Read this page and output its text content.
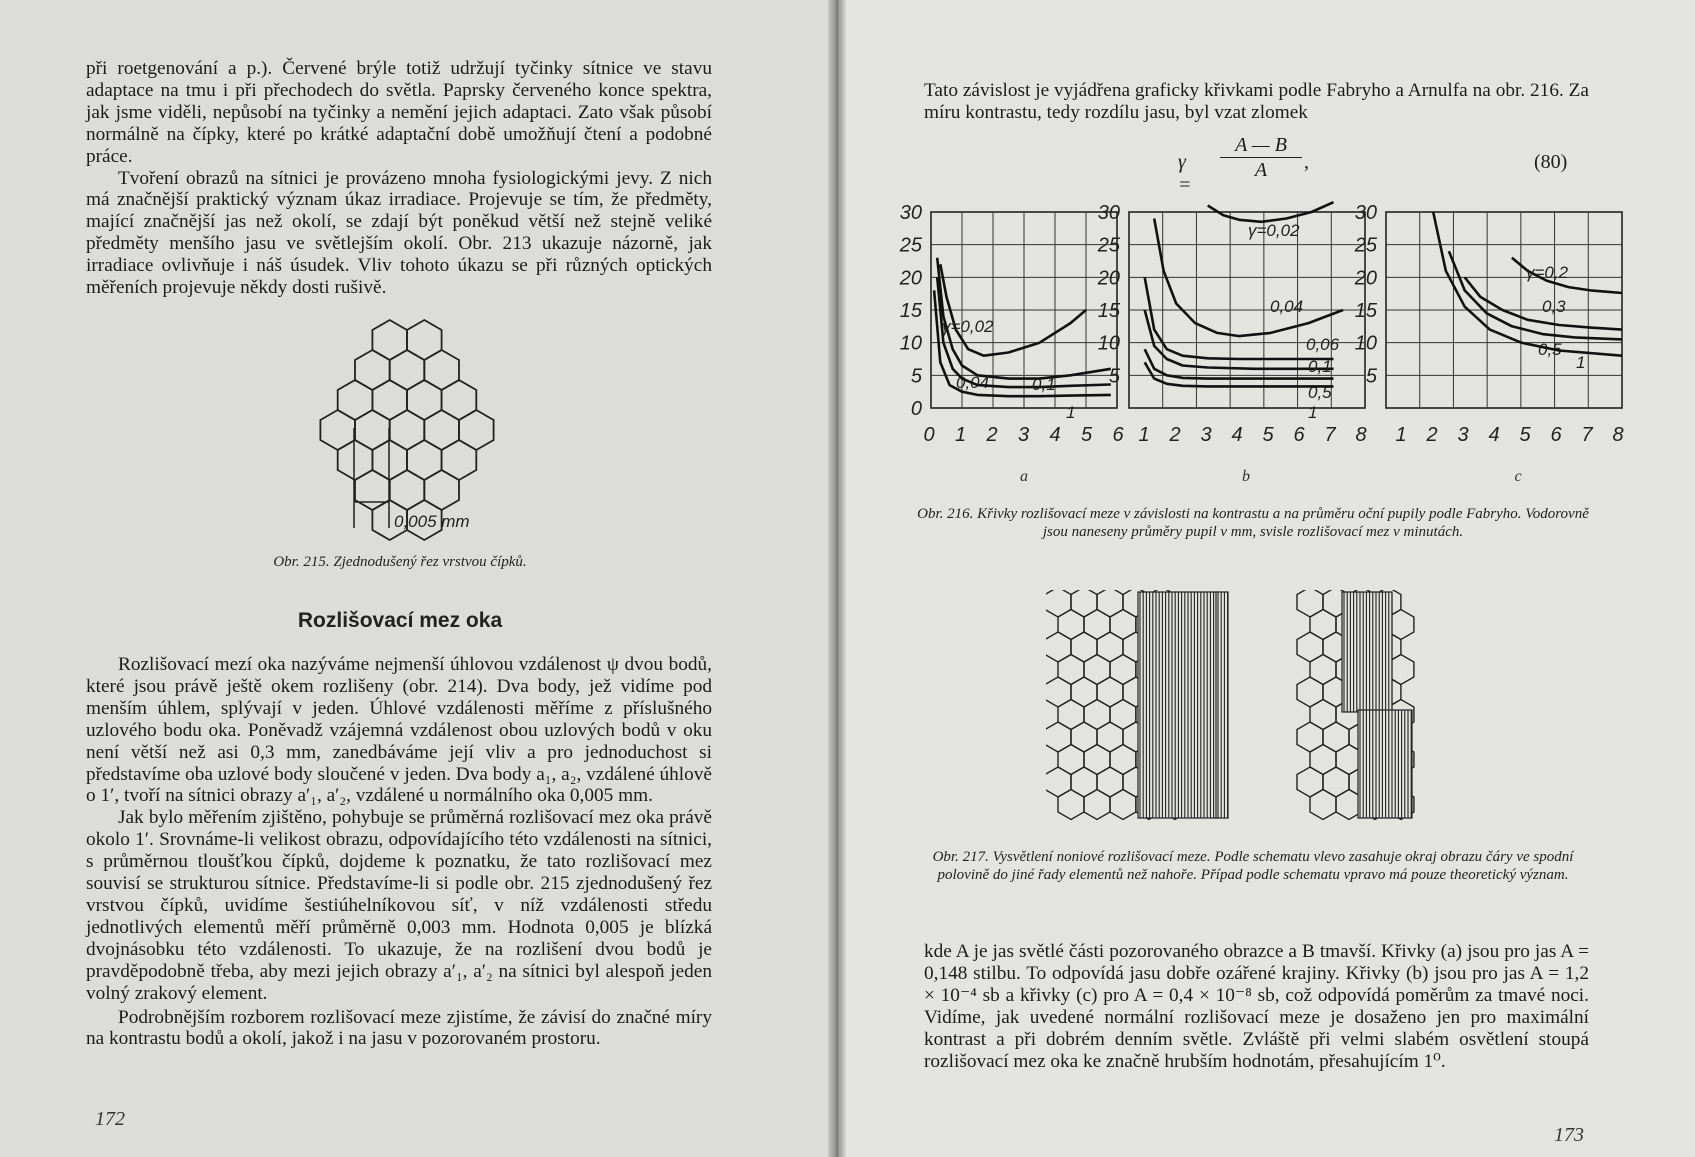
při roetgenování a p.). Červené brýle totiž udržují tyčinky sítnice ve stavu adaptace na tmu i při přechodech do světla. Paprsky červeného konce spektra, jak jsme viděli, nepůsobí na tyčinky a nemění jejich adaptaci. Zato však působí normálně na čípky, které po krátké adaptační době umožňují čtení a podobné práce.

Tvoření obrazů na sítnici je provázeno mnoha fysiologickými jevy. Z nich má značnější praktický význam úkaz irradiace. Projevuje se tím, že předměty, mající značnější jas než okolí, se zdají být poněkud větší než stejně veliké předměty menšího jasu ve světlejším okolí. Obr. 213 ukazuje názorně, jak irradiace ovlivňuje i náš úsudek. Vliv tohoto úkazu se při různých optických měřeních projevuje někdy dosti rušivě.

0,005 mm
Obr. 215. Zjednodušený řez vrstvou čípků.
Rozlišovací mez oka

Rozlišovací mezí oka nazýváme nejmenší úhlovou vzdálenost ψ dvou bodů, které jsou právě ještě okem rozlišeny (obr. 214). Dva body, jež vidíme pod menším úhlem, splývají v jeden. Úhlové vzdálenosti měříme z příslušného uzlového bodu oka. Poněvadž vzájemná vzdálenost obou uzlových bodů v oku není větší než asi 0,3 mm, zanedbáváme její vliv a pro jednoduchost si představíme oba uzlové body sloučené v jeden. Dva body a₁, a₂, vzdálené úhlově o 1′, tvoří na sítnici obrazy a′₁, a′₂, vzdálené u normálního oka 0,005 mm.

Jak bylo měřením zjištěno, pohybuje se průměrná rozlišovací mez oka právě okolo 1′. Srovnáme-li velikost obrazu, odpovídajícího této vzdálenosti na sítnici, s průměrnou tloušťkou čípků, dojdeme k poznatku, že tato rozlišovací mez souvisí se strukturou sítnice. Představíme-li si podle obr. 215 zjednodušený řez vrstvou čípků, uvidíme šestiúhelníkovou síť, v níž vzdálenosti středu jednotlivých elementů měří průměrně 0,003 mm. Hodnota 0,005 je blízká dvojnásobku této vzdálenosti. To ukazuje, že na rozlišení dvou bodů je pravděpodobně třeba, aby mezi jejich obrazy a′₁, a′₂ na sítnici byl alespoň jeden volný zrakový element.

Podrobnějším rozborem rozlišovací meze zjistíme, že závisí do značné míry na kontrastu bodů a okolí, jakož i na jasu v pozorovaném prostoru.

172
Tato závislost je vyjádřena graficky křivkami podle Fabryho a Arnulfa na obr. 216. Za míru kontrastu, tedy rozdílu jasu, byl vzat zlomek
γ =
A — B
A	,	(80)
0
5
10
15
20
25
30
0 1 2 3 4 5 6
γ=0,02
0,04	0,1
1
a
5
10
15
20
25
30
1 2 3 4 5 6 7 8
γ=0,02
0,04
0,06
0,1
0,5
1
b
5
10
15
20
25
30
1 2 3 4 5 6 7 8
γ=0,2
0,3
0,5
1
c
Obr. 216. Křivky rozlišovací meze v závislosti na kontrastu a na průměru oční pupily podle Fabryho. Vodorovně jsou naneseny průměry pupil v mm, svisle rozlišovací mez v minutách.
Obr. 217. Vysvětlení noniové rozlišovací meze. Podle schematu vlevo zasahuje okraj obrazu čáry ve spodní polovině do jiné řady elementů než nahoře. Případ podle schematu vpravo má pouze theoretický význam.
kde A je jas světlé části pozorovaného obrazce a B tmavší. Křivky (a) jsou pro jas A = 0,148 stilbu. To odpovídá jasu dobře ozářené krajiny. Křivky (b) jsou pro jas A = 1,2 × 10⁻⁴ sb a křivky (c) pro A = 0,4 × 10⁻⁸ sb, což odpovídá poměrům za tmavé noci. Vidíme, jak uvedené normální rozlišovací meze je dosaženo jen pro maximální kontrast a při dobrém denním světle. Zvláště při velmi slabém osvětlení stoupá rozlišovací mez oka ke značně hrubším hodnotám, přesahujícím 1⁰.
173
